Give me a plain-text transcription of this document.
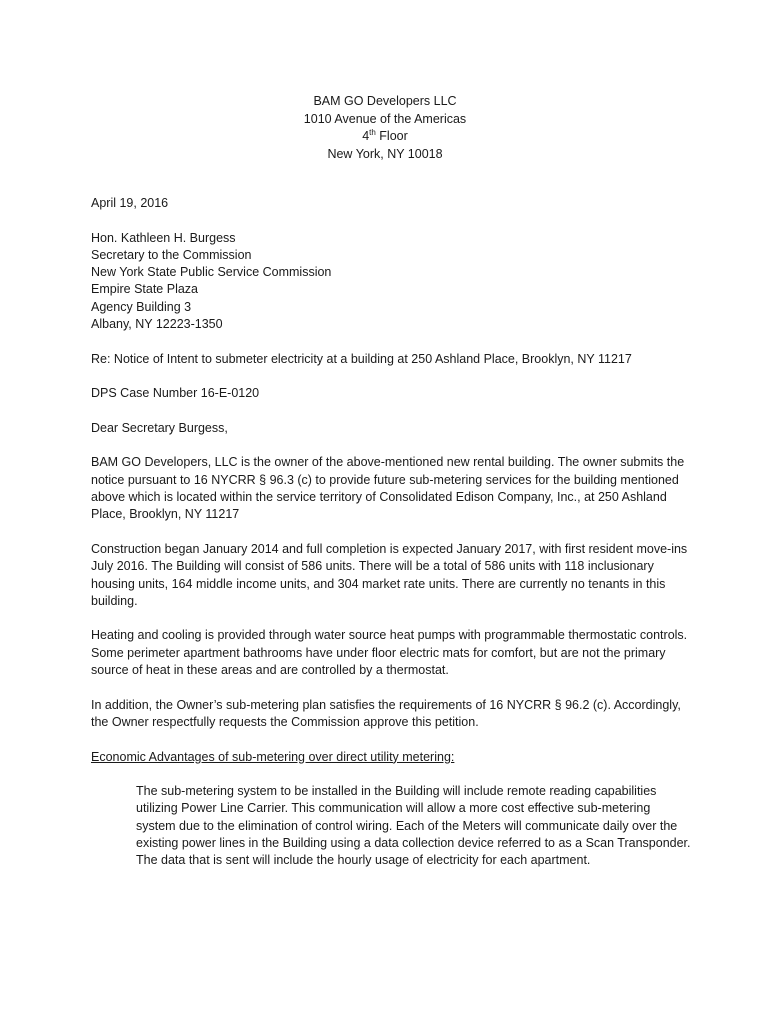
BAM GO Developers LLC
1010 Avenue of the Americas
4th Floor
New York, NY 10018

April 19, 2016

Hon. Kathleen H. Burgess
Secretary to the Commission
New York State Public Service Commission
Empire State Plaza
Agency Building 3
Albany, NY 12223-1350

Re: Notice of Intent to submeter electricity at a building at 250 Ashland Place, Brooklyn, NY 11217

DPS Case Number 16-E-0120

Dear Secretary Burgess,

BAM GO Developers, LLC is the owner of the above-mentioned new rental building. The owner submits the notice pursuant to 16 NYCRR § 96.3 (c) to provide future sub-metering services for the building mentioned above which is located within the service territory of Consolidated Edison Company, Inc., at 250 Ashland Place, Brooklyn, NY 11217

Construction began January 2014 and full completion is expected January 2017, with first resident move-ins July 2016. The Building will consist of 586 units. There will be a total of 586 units with 118 inclusionary housing units, 164 middle income units, and 304 market rate units. There are currently no tenants in this building.

Heating and cooling is provided through water source heat pumps with programmable thermostatic controls. Some perimeter apartment bathrooms have under floor electric mats for comfort, but are not the primary source of heat in these areas and are controlled by a thermostat.

In addition, the Owner’s sub-metering plan satisfies the requirements of 16 NYCRR § 96.2 (c). Accordingly, the Owner respectfully requests the Commission approve this petition.

Economic Advantages of sub-metering over direct utility metering:

The sub-metering system to be installed in the Building will include remote reading capabilities utilizing Power Line Carrier. This communication will allow a more cost effective sub-metering system due to the elimination of control wiring. Each of the Meters will communicate daily over the existing power lines in the Building using a data collection device referred to as a Scan Transponder. The data that is sent will include the hourly usage of electricity for each apartment.
